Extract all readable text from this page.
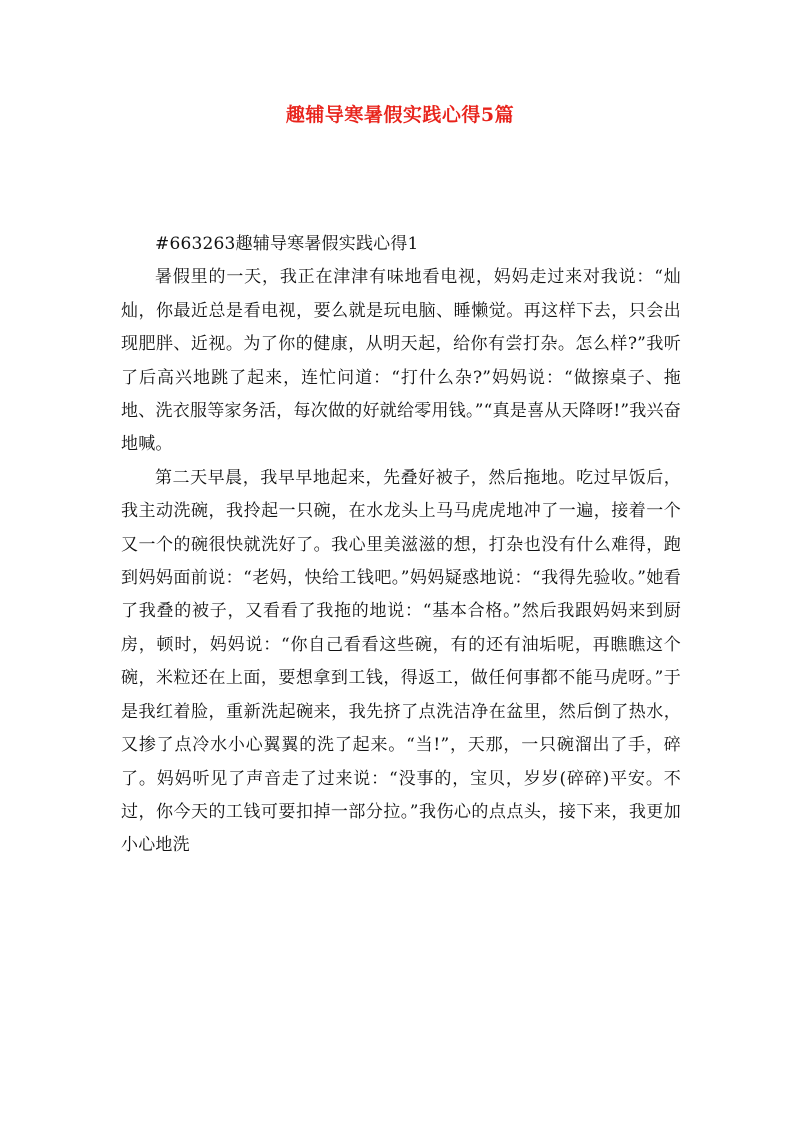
趣辅导寒暑假实践心得5篇

#663263趣辅导寒暑假实践心得1

暑假里的一天，我正在津津有味地看电视，妈妈走过来对我说：“灿灿，你最近总是看电视，要么就是玩电脑、睡懒觉。再这样下去，只会出现肥胖、近视。为了你的健康，从明天起，给你有尝打杂。怎么样?”我听了后高兴地跳了起来，连忙问道：“打什么杂?”妈妈说：“做擦桌子、拖地、洗衣服等家务活，每次做的好就给零用钱。”“真是喜从天降呀!”我兴奋地喊。

第二天早晨，我早早地起来，先叠好被子，然后拖地。吃过早饭后，我主动洗碗，我拎起一只碗，在水龙头上马马虎虎地冲了一遍，接着一个又一个的碗很快就洗好了。我心里美滋滋的想，打杂也没有什么难得，跑到妈妈面前说：“老妈，快给工钱吧。”妈妈疑惑地说：“我得先验收。”她看了我叠的被子，又看看了我拖的地说：“基本合格。”然后我跟妈妈来到厨房，顿时，妈妈说：“你自己看看这些碗，有的还有油垢呢，再瞧瞧这个碗，米粒还在上面，要想拿到工钱，得返工，做任何事都不能马虎呀。”于是我红着脸，重新洗起碗来，我先挤了点洗洁净在盆里，然后倒了热水，又掺了点冷水小心翼翼的洗了起来。“当!”，天那，一只碗溜出了手，碎了。妈妈听见了声音走了过来说：“没事的，宝贝，岁岁(碎碎)平安。不过，你今天的工钱可要扣掉一部分拉。”我伤心的点点头，接下来，我更加小心地洗
